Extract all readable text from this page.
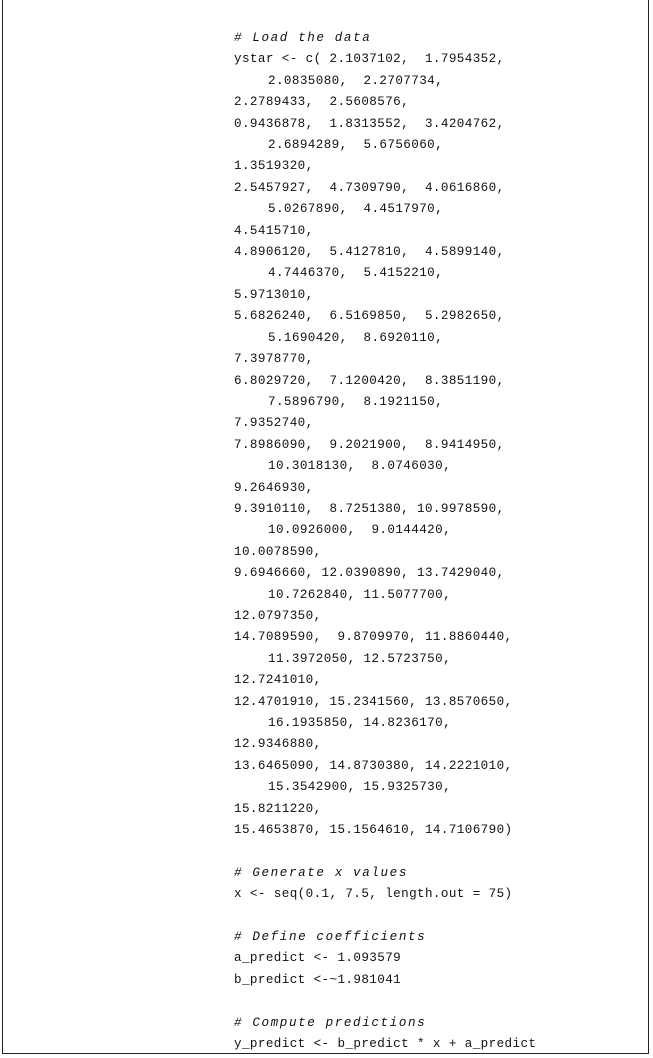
# Load the data
ystar <- c( 2.1037102,  1.7954352,
2.0835080,  2.2707734,
2.2789433,  2.5608576,
0.9436878,  1.8313552,  3.4204762,
2.6894289,  5.6756060,
1.3519320,
2.5457927,  4.7309790,  4.0616860,
5.0267890,  4.4517970,
4.5415710,
4.8906120,  5.4127810,  4.5899140,
4.7446370,  5.4152210,
5.9713010,
5.6826240,  6.5169850,  5.2982650,
5.1690420,  8.6920110,
7.3978770,
6.8029720,  7.1200420,  8.3851190,
7.5896790,  8.1921150,
7.9352740,
7.8986090,  9.2021900,  8.9414950,
10.3018130,  8.0746030,
9.2646930,
9.3910110,  8.7251380, 10.9978590,
10.0926000,  9.0144420,
10.0078590,
9.6946660, 12.0390890, 13.7429040,
10.7262840, 11.5077700,
12.0797350,
14.7089590,  9.8709970, 11.8860440,
11.3972050, 12.5723750,
12.7241010,
12.4701910, 15.2341560, 13.8570650,
16.1935850, 14.8236170,
12.9346880,
13.6465090, 14.8730380, 14.2221010,
15.3542900, 15.9325730,
15.8211220,
15.4653870, 15.1564610, 14.7106790)
# Generate x values
x <- seq(0.1, 7.5, length.out = 75)
# Define coefficients
a_predict <- 1.093579
b_predict <-~1.981041
# Compute predictions
y_predict <- b_predict * x + a_predict
